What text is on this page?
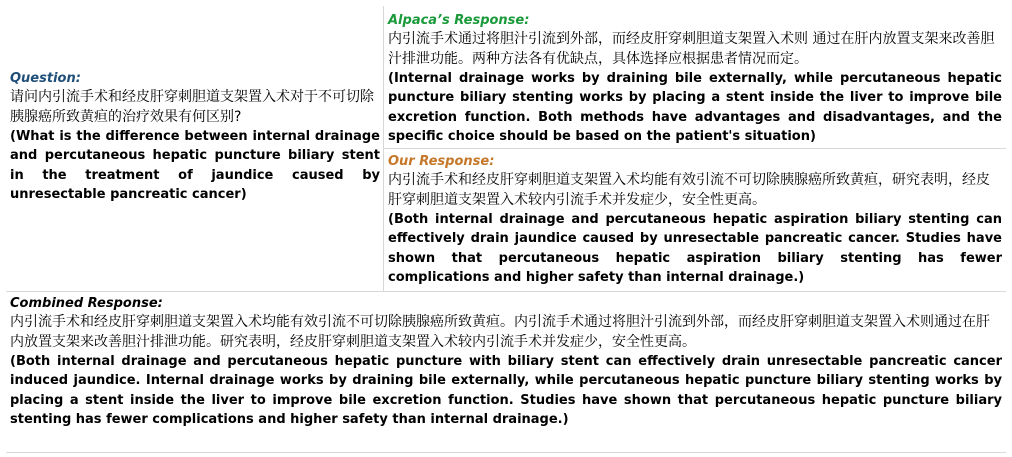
Question:
请问内引流手术和经皮肝穿刺胆道支架置入术对于不可切除胰腺癌所致黄疸的治疗效果有何区别?
(What is the difference between internal drainage and percutaneous hepatic puncture biliary stent in the treatment of jaundice caused by unresectable pancreatic cancer)
Alpaca’s Response:
内引流手术通过将胆汁引流到外部，而经皮肝穿刺胆道支架置入术则 通过在肝内放置支架来改善胆汁排泄功能。两种方法各有优缺点，具体选择应根据患者情况而定。
(Internal drainage works by draining bile externally, while percutaneous hepatic puncture biliary stenting works by placing a stent inside the liver to improve bile excretion function. Both methods have advantages and disadvantages, and the specific choice should be based on the patient's situation)
Our Response:
内引流手术和经皮肝穿刺胆道支架置入术均能有效引流不可切除胰腺癌所致黄疸，研究表明，经皮肝穿刺胆道支架置入术较内引流手术并发症少，安全性更高。
(Both internal drainage and percutaneous hepatic aspiration biliary stenting can effectively drain jaundice caused by unresectable pancreatic cancer. Studies have shown that percutaneous hepatic aspiration biliary stenting has fewer complications and higher safety than internal drainage.)
Combined Response:
内引流手术和经皮肝穿刺胆道支架置入术均能有效引流不可切除胰腺癌所致黄疸。内引流手术通过将胆汁引流到外部，而经皮肝穿刺胆道支架置入术则通过在肝内放置支架来改善胆汁排泄功能。研究表明，经皮肝穿刺胆道支架置入术较内引流手术并发症少，安全性更高。
(Both internal drainage and percutaneous hepatic puncture with biliary stent can effectively drain unresectable pancreatic cancer induced jaundice. Internal drainage works by draining bile externally, while percutaneous hepatic puncture biliary stenting works by placing a stent inside the liver to improve bile excretion function. Studies have shown that percutaneous hepatic puncture biliary stenting has fewer complications and higher safety than internal drainage.)
